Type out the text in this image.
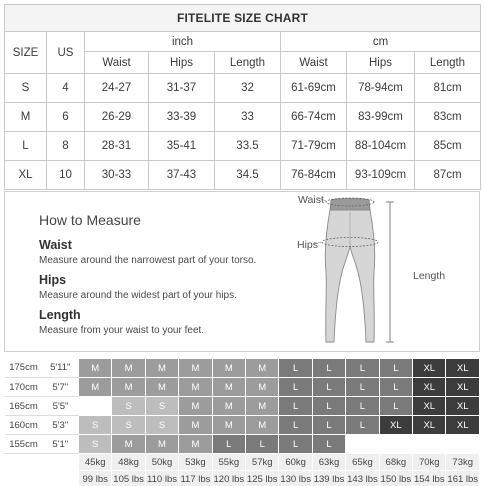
FITELITE SIZE CHART							
SIZE	US	inch			cm		
		Waist	Hips	Length	Waist	Hips	Length
S	4	24-27	31-37	32	61-69cm	78-94cm	81cm
M	6	26-29	33-39	33	66-74cm	83-99cm	83cm
L	8	28-31	35-41	33.5	71-79cm	88-104cm	85cm
XL	10	30-33	37-43	34.5	76-84cm	93-109cm	87cm
How to Measure
Waist
Measure around the narrowest part of your torso.
Hips
Measure around the widest part of your hips.
Length
Measure from your waist to your feet.
Waist
Hips
Length
175cm	5'11"	M	M	M	M	M	M	L	L	L	L	XL	XL
170cm	5'7"	M	M	M	M	M	M	L	L	L	L	XL	XL
165cm	5'5"		S	S	M	M	M	L	L	L	L	XL	XL
160cm	5'3"	S	S	S	M	M	M	L	L	L	XL	XL	XL
155cm	5'1"	S	M	M	M	L	L	L	L				
		45kg	48kg	50kg	53kg	55kg	57kg	60kg	63kg	65kg	68kg	70kg	73kg
		99 lbs	105 lbs	110 lbs	117 lbs	120 lbs	125 lbs	130 lbs	139 lbs	143 lbs	150 lbs	154 lbs	161 lbs
